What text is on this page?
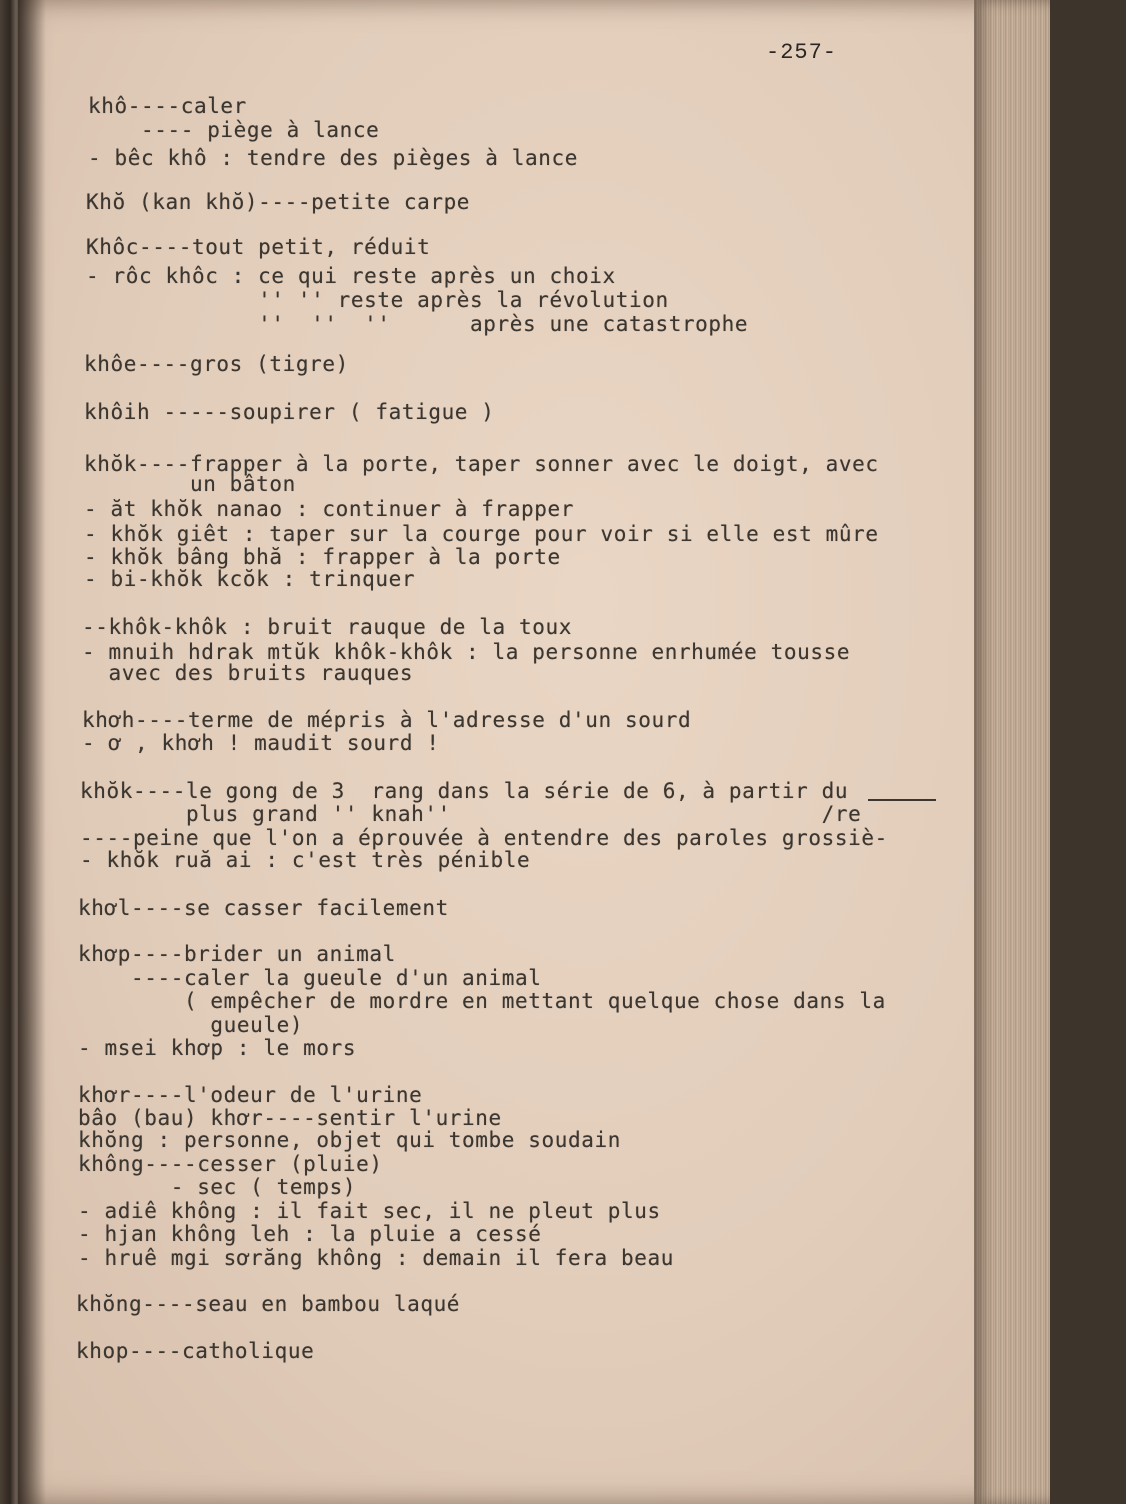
-257-
khô----caler
---- piège à lance
- bêc khô : tendre des pièges à lance
Khŏ (kan khŏ)----petite carpe
Khôc----tout petit, réduit
- rôc khôc : ce qui reste après un choix
'' '' reste après la révolution
''  ''  ''      après une catastrophe
khôe----gros (tigre)
khôih -----soupirer ( fatigue )
khŏk----frapper à la porte, taper sonner avec le doigt, avec
un bâton
- ăt khŏk nanao : continuer à frapper
- khŏk giêt : taper sur la courge pour voir si elle est mûre
- khŏk bâng bhă : frapper à la porte
- bi-khŏk kcŏk : trinquer
--khôk-khôk : bruit rauque de la toux
- mnuih hdrak mtŭk khôk-khôk : la personne enrhumée tousse
avec des bruits rauques
khơh----terme de mépris à l'adresse d'un sourd
- ơ , khơh ! maudit sourd !
khŏk----le gong de 3  rang dans la série de 6, à partir du
plus grand '' knah''                            /re
----peine que l'on a éprouvée à entendre des paroles grossiè-
- khŏk ruă ai : c'est très pénible
khơl----se casser facilement
khơp----brider un animal
----caler la gueule d'un animal
( empêcher de mordre en mettant quelque chose dans la
gueule)
- msei khơp : le mors
khơr----l'odeur de l'urine
bâo (bau) khơr----sentir l'urine
khŏng : personne, objet qui tombe soudain
không----cesser (pluie)
- sec ( temps)
- adiê không : il fait sec, il ne pleut plus
- hjan không leh : la pluie a cessé
- hruê mgi sơrăng không : demain il fera beau
khŏng----seau en bambou laqué
khop----catholique
